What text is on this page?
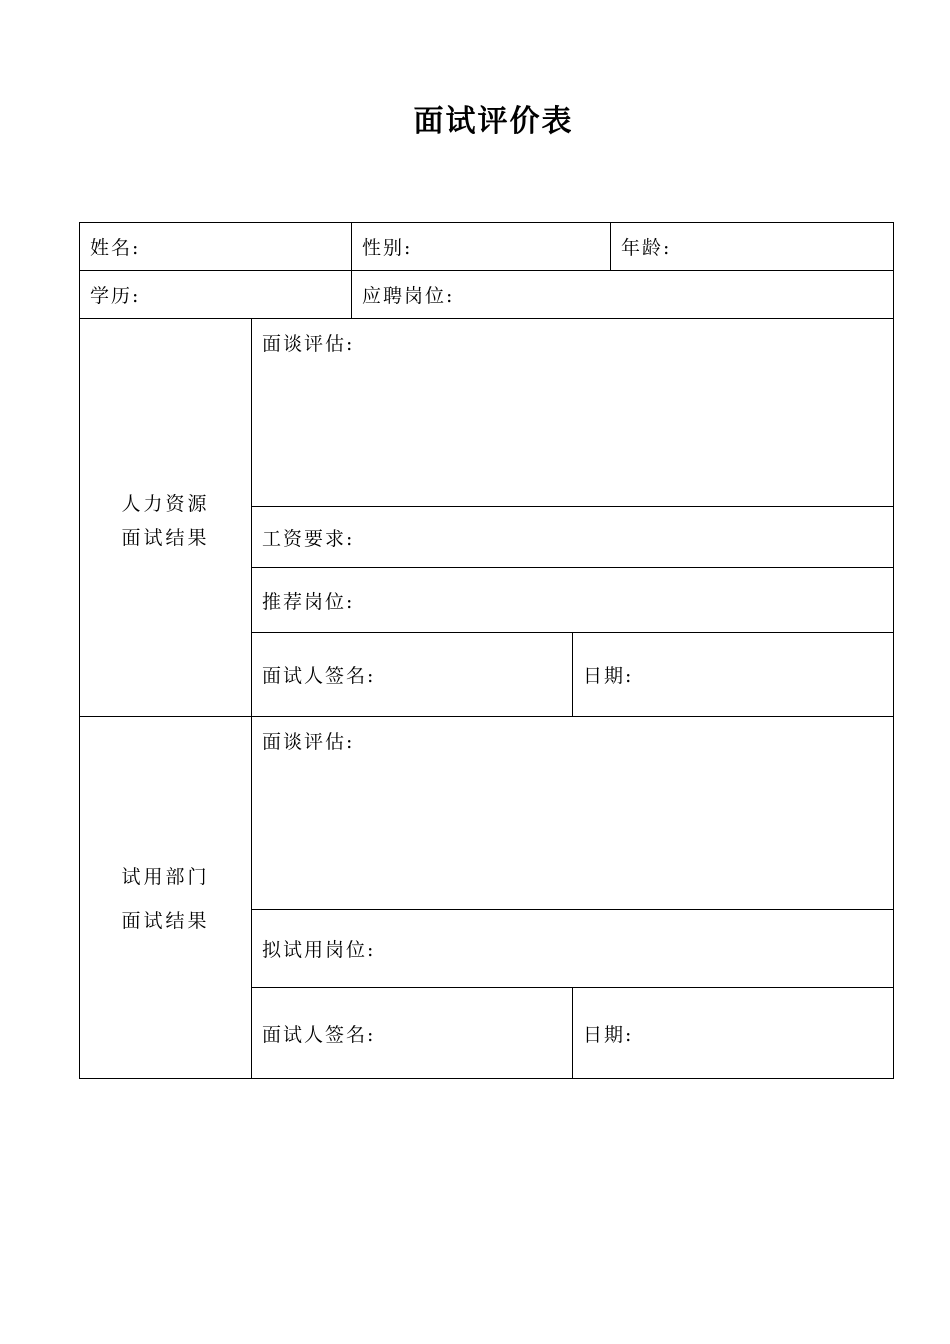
面试评价表
姓名:	性别:	年龄:
学历:	应聘岗位:
人力资源
面试结果
面谈评估:
工资要求:
推荐岗位:
面试人签名:	日期:
试用部门
面试结果
面谈评估:
拟试用岗位:
面试人签名:	日期:
